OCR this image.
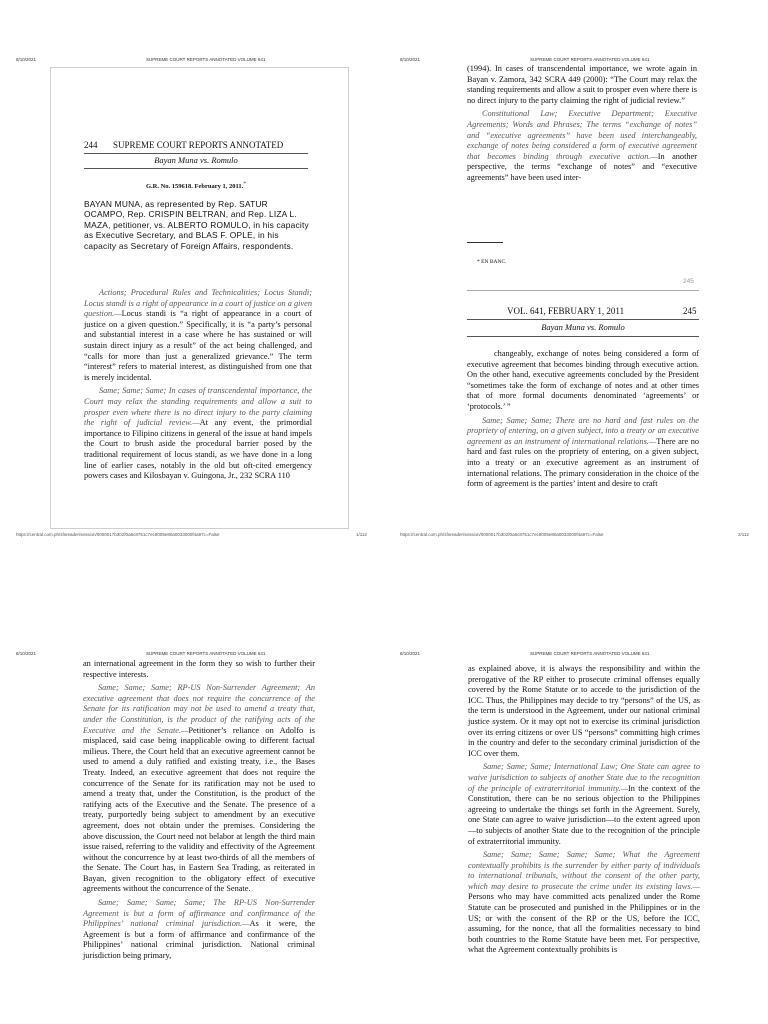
8/10/2021	SUPREME COURT REPORTS ANNOTATED VOLUME 641
244 SUPREME COURT REPORTS ANNOTATED
Bayan Muna vs. Romulo
G.R. No. 159618. February 1, 2011.*
BAYAN MUNA, as represented by Rep. SATUR OCAMPO, Rep. CRISPIN BELTRAN, and Rep. LIZA L. MAZA, petitioner, vs. ALBERTO ROMULO, in his capacity as Executive Secretary, and BLAS F. OPLE, in his capacity as Secretary of Foreign Affairs, respondents.

Actions; Procedural Rules and Technicalities; Locus Standi; Locus standi is a right of appearance in a court of justice on a given question.—Locus standi is “a right of appearance in a court of justice on a given question.” Specifically, it is “a party’s personal and substantial interest in a case where he has sustained or will sustain direct injury as a result” of the act being challenged, and “calls for more than just a generalized grievance.” The term “interest” refers to material interest, as distinguished from one that is merely incidental.

Same; Same; Same; In cases of transcendental importance, the Court may relax the standing requirements and allow a suit to prosper even where there is no direct injury to the party claiming the right of judicial review.—At any event, the primordial importance to Filipino citizens in general of the issue at hand impels the Court to brush aside the procedural barrier posed by the traditional requirement of locus standi, as we have done in a long line of earlier cases, notably in the old but oft-cited emergency powers cases and Kilosbayan v. Guingona, Jr., 232 SCRA 110

https://central.com.ph/sfsreader/session/0000017b302f0a6c8751c7ec8005e80a0033000f4a97c=False	1/112
8/10/2021	SUPREME COURT REPORTS ANNOTATED VOLUME 641

(1994). In cases of transcendental importance, we wrote again in Bayan v. Zamora, 342 SCRA 449 (2000): “The Court may relax the standing requirements and allow a suit to prosper even where there is no direct injury to the party claiming the right of judicial review.”

Constitutional Law; Executive Department; Executive Agreements; Words and Phrases; The terms “exchange of notes” and “executive agreements” have been used interchangeably, exchange of notes being considered a form of executive agreement that becomes binding through executive action.—In another perspective, the terms “exchange of notes” and “executive agreements” have been used inter-

* EN BANC.
245
VOL. 641, FEBRUARY 1, 2011	245
Bayan Muna vs. Romulo

changeably, exchange of notes being considered a form of executive agreement that becomes binding through executive action. On the other hand, executive agreements concluded by the President “sometimes take the form of exchange of notes and at other times that of more formal documents denominated ‘agreements’ or ‘protocols.’ ”

Same; Same; Same; There are no hard and fast rules on the propriety of entering, on a given subject, into a treaty or an executive agreement as an instrument of international relations.—There are no hard and fast rules on the propriety of entering, on a given subject, into a treaty or an executive agreement as an instrument of international relations. The primary consideration in the choice of the form of agreement is the parties’ intent and desire to craft

https://central.com.ph/sfsreader/session/0000017b302f0a6c8751c7ec8005e80a0033000f4a97c=False	2/112
8/10/2021	SUPREME COURT REPORTS ANNOTATED VOLUME 641

an international agreement in the form they so wish to further their respective interests.

Same; Same; Same; RP-US Non-Surrender Agreement; An executive agreement that does not require the concurrence of the Senate for its ratification may not be used to amend a treaty that, under the Constitution, is the product of the ratifying acts of the Executive and the Senate.—Petitioner’s reliance on Adolfo is misplaced, said case being inapplicable owing to different factual milieus. There, the Court held that an executive agreement cannot be used to amend a duly ratified and existing treaty, i.e., the Bases Treaty. Indeed, an executive agreement that does not require the concurrence of the Senate for its ratification may not be used to amend a treaty that, under the Constitution, is the product of the ratifying acts of the Executive and the Senate. The presence of a treaty, purportedly being subject to amendment by an executive agreement, does not obtain under the premises. Considering the above discussion, the Court need not belabor at length the third main issue raised, referring to the validity and effectivity of the Agreement without the concurrence by at least two-thirds of all the members of the Senate. The Court has, in Eastern Sea Trading, as reiterated in Bayan, given recognition to the obligatory effect of executive agreements without the concurrence of the Senate.

Same; Same; Same; Same; The RP-US Non-Surrender Agreement is but a form of affirmance and confirmance of the Philippines’ national criminal jurisdiction.—As it were, the Agreement is but a form of affirmance and confirmance of the Philippines’ national criminal jurisdiction. National criminal jurisdiction being primary,

8/10/2021	SUPREME COURT REPORTS ANNOTATED VOLUME 641

as explained above, it is always the responsibility and within the prerogative of the RP either to prosecute criminal offenses equally covered by the Rome Statute or to accede to the jurisdiction of the ICC. Thus, the Philippines may decide to try “persons” of the US, as the term is understood in the Agreement, under our national criminal justice system. Or it may opt not to exercise its criminal jurisdiction over its erring citizens or over US “persons” committing high crimes in the country and defer to the secondary criminal jurisdiction of the ICC over them.

Same; Same; Same; International Law; One State can agree to waive jurisdiction to subjects of another State due to the recognition of the principle of extraterritorial immunity.—In the context of the Constitution, there can be no serious objection to the Philippines agreeing to undertake the things set forth in the Agreement. Surely, one State can agree to waive jurisdiction—to the extent agreed upon—to subjects of another State due to the recognition of the principle of extraterritorial immunity.

Same; Same; Same; Same; Same; What the Agreement contextually prohibits is the surrender by either party of individuals to international tribunals, without the consent of the other party, which may desire to prosecute the crime under its existing laws.—Persons who may have committed acts penalized under the Rome Statute can be prosecuted and punished in the Philippines or in the US; or with the consent of the RP or the US, before the ICC, assuming, for the nonce, that all the formalities necessary to bind both countries to the Rome Statute have been met. For perspective, what the Agreement contextually prohibits is
